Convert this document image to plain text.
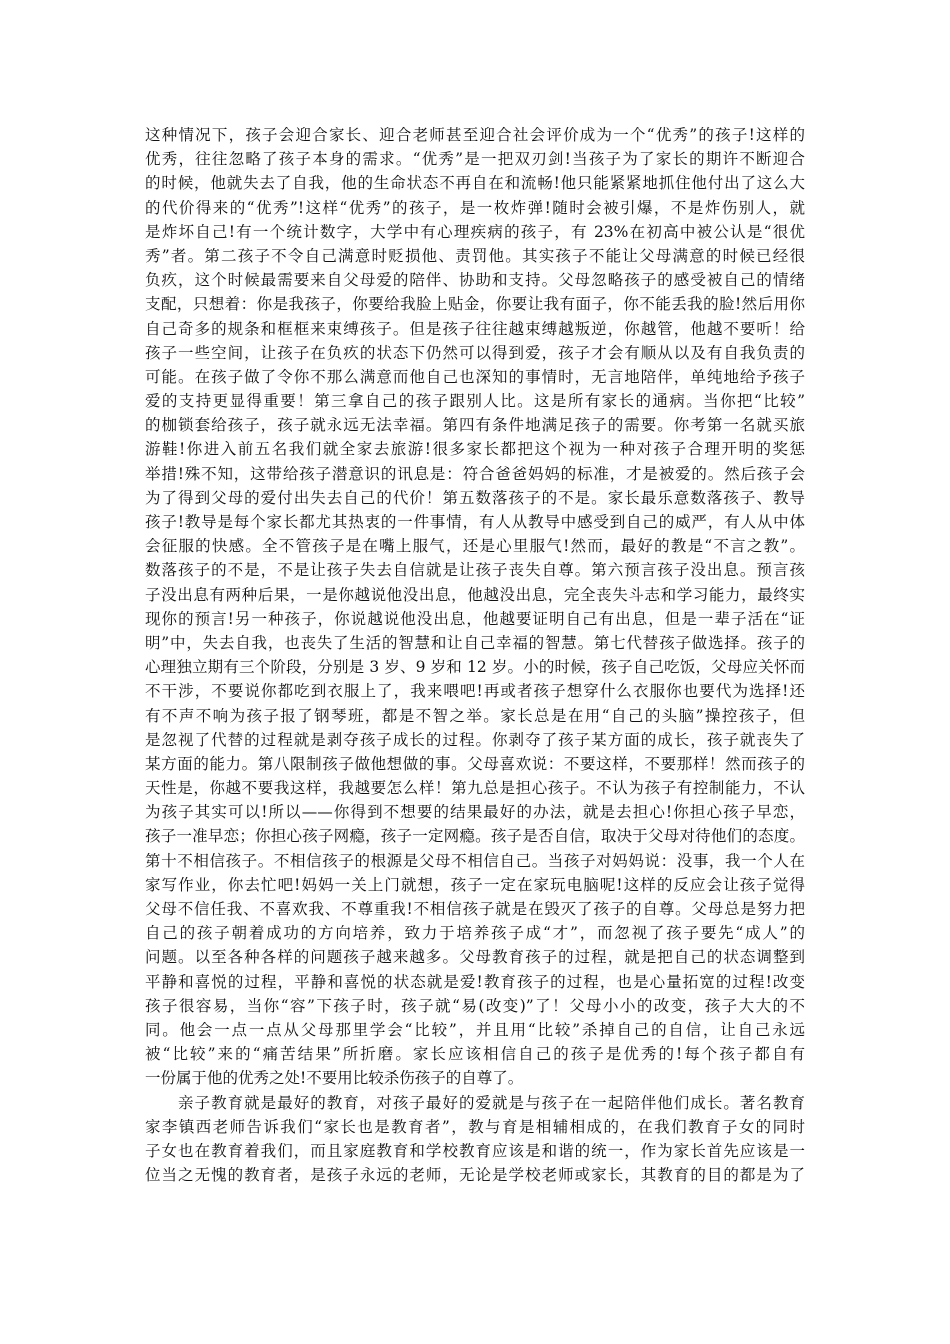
这种情况下，孩子会迎合家长、迎合老师甚至迎合社会评价成为一个“优秀”的孩子!这样的
优秀，往往忽略了孩子本身的需求。“优秀”是一把双刃剑!当孩子为了家长的期许不断迎合
的时候，他就失去了自我，他的生命状态不再自在和流畅!他只能紧紧地抓住他付出了这么大
的代价得来的“优秀”!这样“优秀”的孩子，是一枚炸弹!随时会被引爆，不是炸伤别人，就
是炸坏自己!有一个统计数字，大学中有心理疾病的孩子，有 23%在初高中被公认是“很优
秀”者。第二孩子不令自己满意时贬损他、责罚他。其实孩子不能让父母满意的时候已经很
负疚，这个时候最需要来自父母爱的陪伴、协助和支持。父母忽略孩子的感受被自己的情绪
支配，只想着：你是我孩子，你要给我脸上贴金，你要让我有面子，你不能丢我的脸!然后用你
自己奇多的规条和框框来束缚孩子。但是孩子往往越束缚越叛逆，你越管，他越不要听！给
孩子一些空间，让孩子在负疚的状态下仍然可以得到爱，孩子才会有顺从以及有自我负责的
可能。在孩子做了令你不那么满意而他自己也深知的事情时，无言地陪伴，单纯地给予孩子
爱的支持更显得重要！第三拿自己的孩子跟别人比。这是所有家长的通病。当你把“比较”
的枷锁套给孩子，孩子就永远无法幸福。第四有条件地满足孩子的需要。你考第一名就买旅
游鞋!你进入前五名我们就全家去旅游!很多家长都把这个视为一种对孩子合理开明的奖惩
举措!殊不知，这带给孩子潜意识的讯息是：符合爸爸妈妈的标准，才是被爱的。然后孩子会
为了得到父母的爱付出失去自己的代价！第五数落孩子的不是。家长最乐意数落孩子、教导
孩子!教导是每个家长都尤其热衷的一件事情，有人从教导中感受到自己的威严，有人从中体
会征服的快感。全不管孩子是在嘴上服气，还是心里服气!然而，最好的教是“不言之教”。
数落孩子的不是，不是让孩子失去自信就是让孩子丧失自尊。第六预言孩子没出息。预言孩
子没出息有两种后果，一是你越说他没出息，他越没出息，完全丧失斗志和学习能力，最终实
现你的预言!另一种孩子，你说越说他没出息，他越要证明自己有出息，但是一辈子活在“证
明”中，失去自我，也丧失了生活的智慧和让自己幸福的智慧。第七代替孩子做选择。孩子的
心理独立期有三个阶段，分别是 3 岁、9 岁和 12 岁。小的时候，孩子自己吃饭，父母应关怀而
不干涉，不要说你都吃到衣服上了，我来喂吧!再或者孩子想穿什么衣服你也要代为选择!还
有不声不响为孩子报了钢琴班，都是不智之举。家长总是在用“自己的头脑”操控孩子，但
是忽视了代替的过程就是剥夺孩子成长的过程。你剥夺了孩子某方面的成长，孩子就丧失了
某方面的能力。第八限制孩子做他想做的事。父母喜欢说：不要这样，不要那样！然而孩子的
天性是，你越不要我这样，我越要怎么样！第九总是担心孩子。不认为孩子有控制能力，不认
为孩子其实可以!所以——你得到不想要的结果最好的办法，就是去担心!你担心孩子早恋，
孩子一准早恋；你担心孩子网瘾，孩子一定网瘾。孩子是否自信，取决于父母对待他们的态度。
第十不相信孩子。不相信孩子的根源是父母不相信自己。当孩子对妈妈说：没事，我一个人在
家写作业，你去忙吧!妈妈一关上门就想，孩子一定在家玩电脑呢!这样的反应会让孩子觉得
父母不信任我、不喜欢我、不尊重我!不相信孩子就是在毁灭了孩子的自尊。父母总是努力把
自己的孩子朝着成功的方向培养，致力于培养孩子成“才”，而忽视了孩子要先“成人”的
问题。以至各种各样的问题孩子越来越多。父母教育孩子的过程，就是把自己的状态调整到
平静和喜悦的过程，平静和喜悦的状态就是爱!教育孩子的过程，也是心量拓宽的过程!改变
孩子很容易，当你“容”下孩子时，孩子就“易(改变)”了！父母小小的改变，孩子大大的不
同。他会一点一点从父母那里学会“比较”，并且用“比较”杀掉自己的自信，让自己永远
被“比较”来的“痛苦结果”所折磨。家长应该相信自己的孩子是优秀的!每个孩子都自有
一份属于他的优秀之处!不要用比较杀伤孩子的自尊了。
　　亲子教育就是最好的教育，对孩子最好的爱就是与孩子在一起陪伴他们成长。著名教育
家李镇西老师告诉我们“家长也是教育者”，教与育是相辅相成的，在我们教育子女的同时
子女也在教育着我们，而且家庭教育和学校教育应该是和谐的统一，作为家长首先应该是一
位当之无愧的教育者，是孩子永远的老师，无论是学校老师或家长，其教育的目的都是为了
